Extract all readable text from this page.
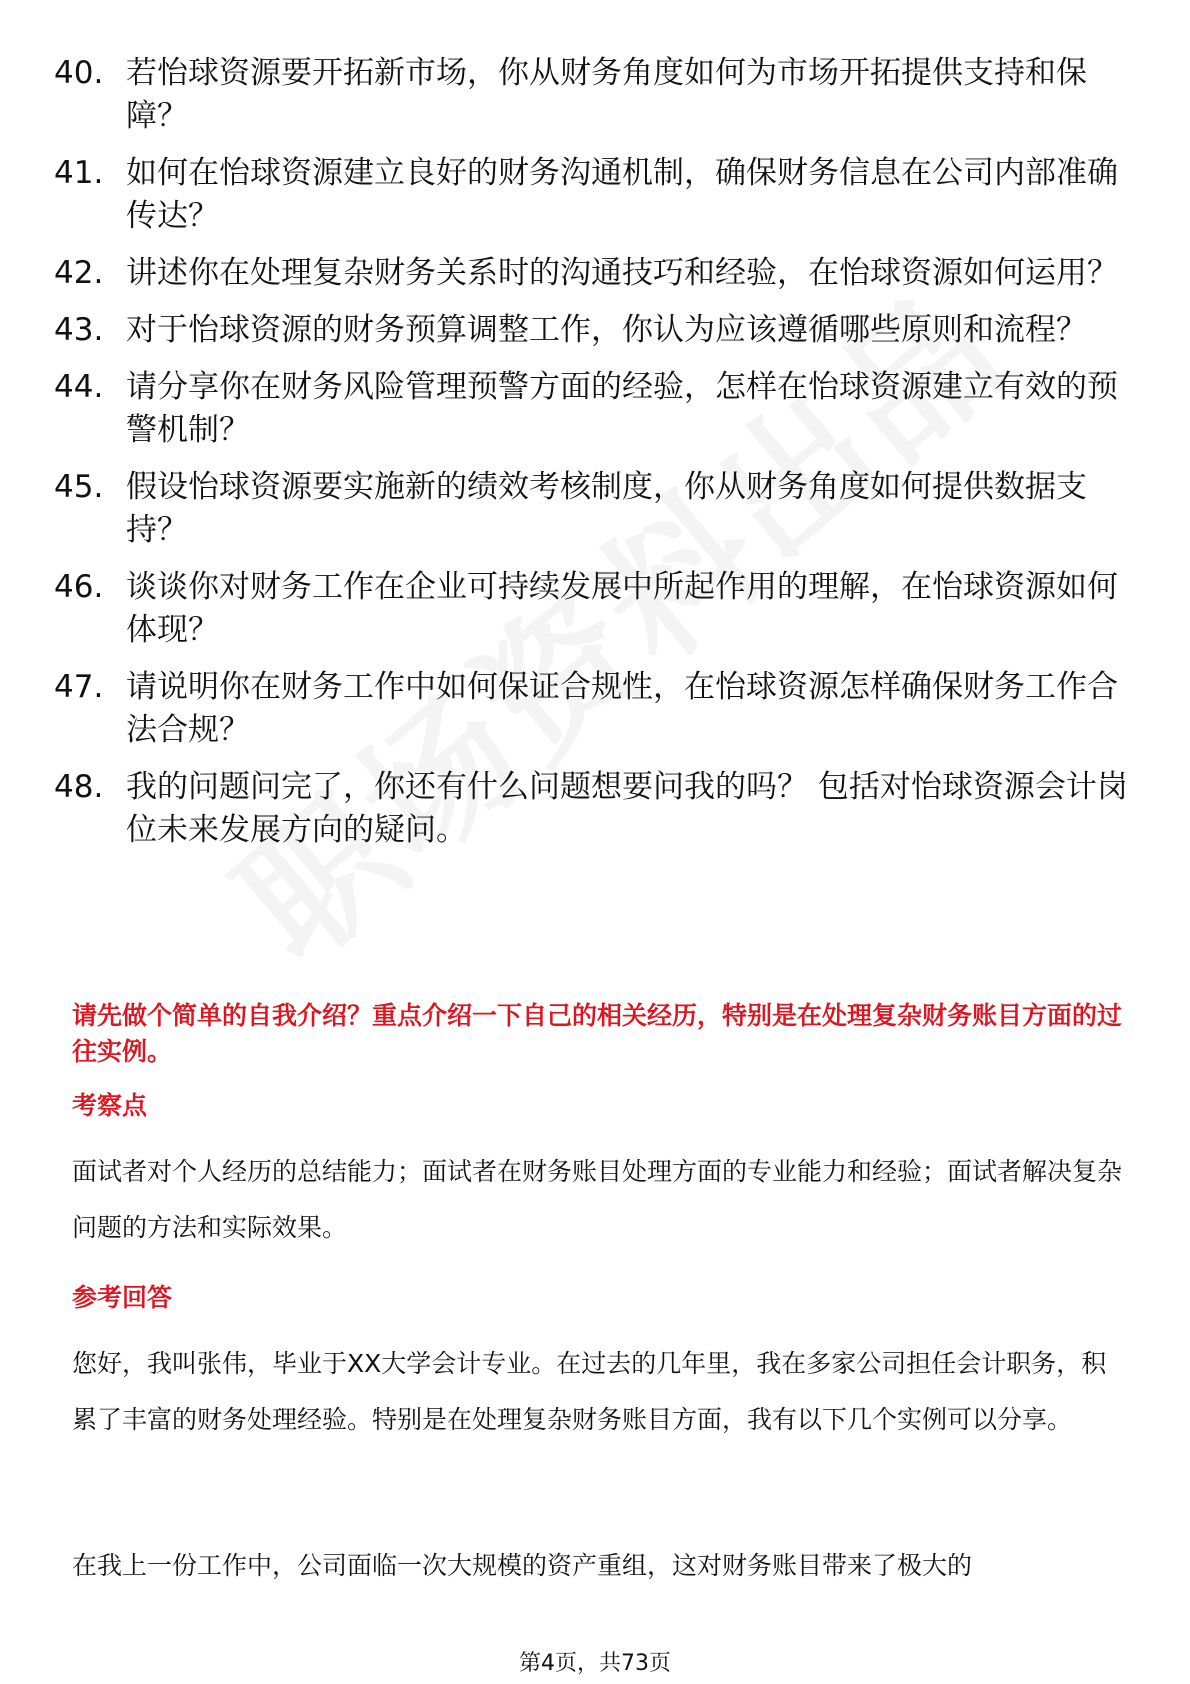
40. 若怡球资源要开拓新市场，你从财务角度如何为市场开拓提供支持和保障？
41. 如何在怡球资源建立良好的财务沟通机制，确保财务信息在公司内部准确传达？
42. 讲述你在处理复杂财务关系时的沟通技巧和经验，在怡球资源如何运用？
43. 对于怡球资源的财务预算调整工作，你认为应该遵循哪些原则和流程？
44. 请分享你在财务风险管理预警方面的经验，怎样在怡球资源建立有效的预警机制？
45. 假设怡球资源要实施新的绩效考核制度，你从财务角度如何提供数据支持？
46. 谈谈你对财务工作在企业可持续发展中所起作用的理解，在怡球资源如何体现？
47. 请说明你在财务工作中如何保证合规性，在怡球资源怎样确保财务工作合法合规？
48. 我的问题问完了，你还有什么问题想要问我的吗？ 包括对怡球资源会计岗位未来发展方向的疑问。

请先做个简单的自我介绍？重点介绍一下自己的相关经历，特别是在处理复杂财务账目方面的过往实例。

考察点

面试者对个人经历的总结能力；面试者在财务账目处理方面的专业能力和经验；面试者解决复杂问题的方法和实际效果。

参考回答

您好，我叫张伟，毕业于XX大学会计专业。在过去的几年里，我在多家公司担任会计职务，积累了丰富的财务处理经验。特别是在处理复杂财务账目方面，我有以下几个实例可以分享。

在我上一份工作中，公司面临一次大规模的资产重组，这对财务账目带来了极大的

第4页，共73页
